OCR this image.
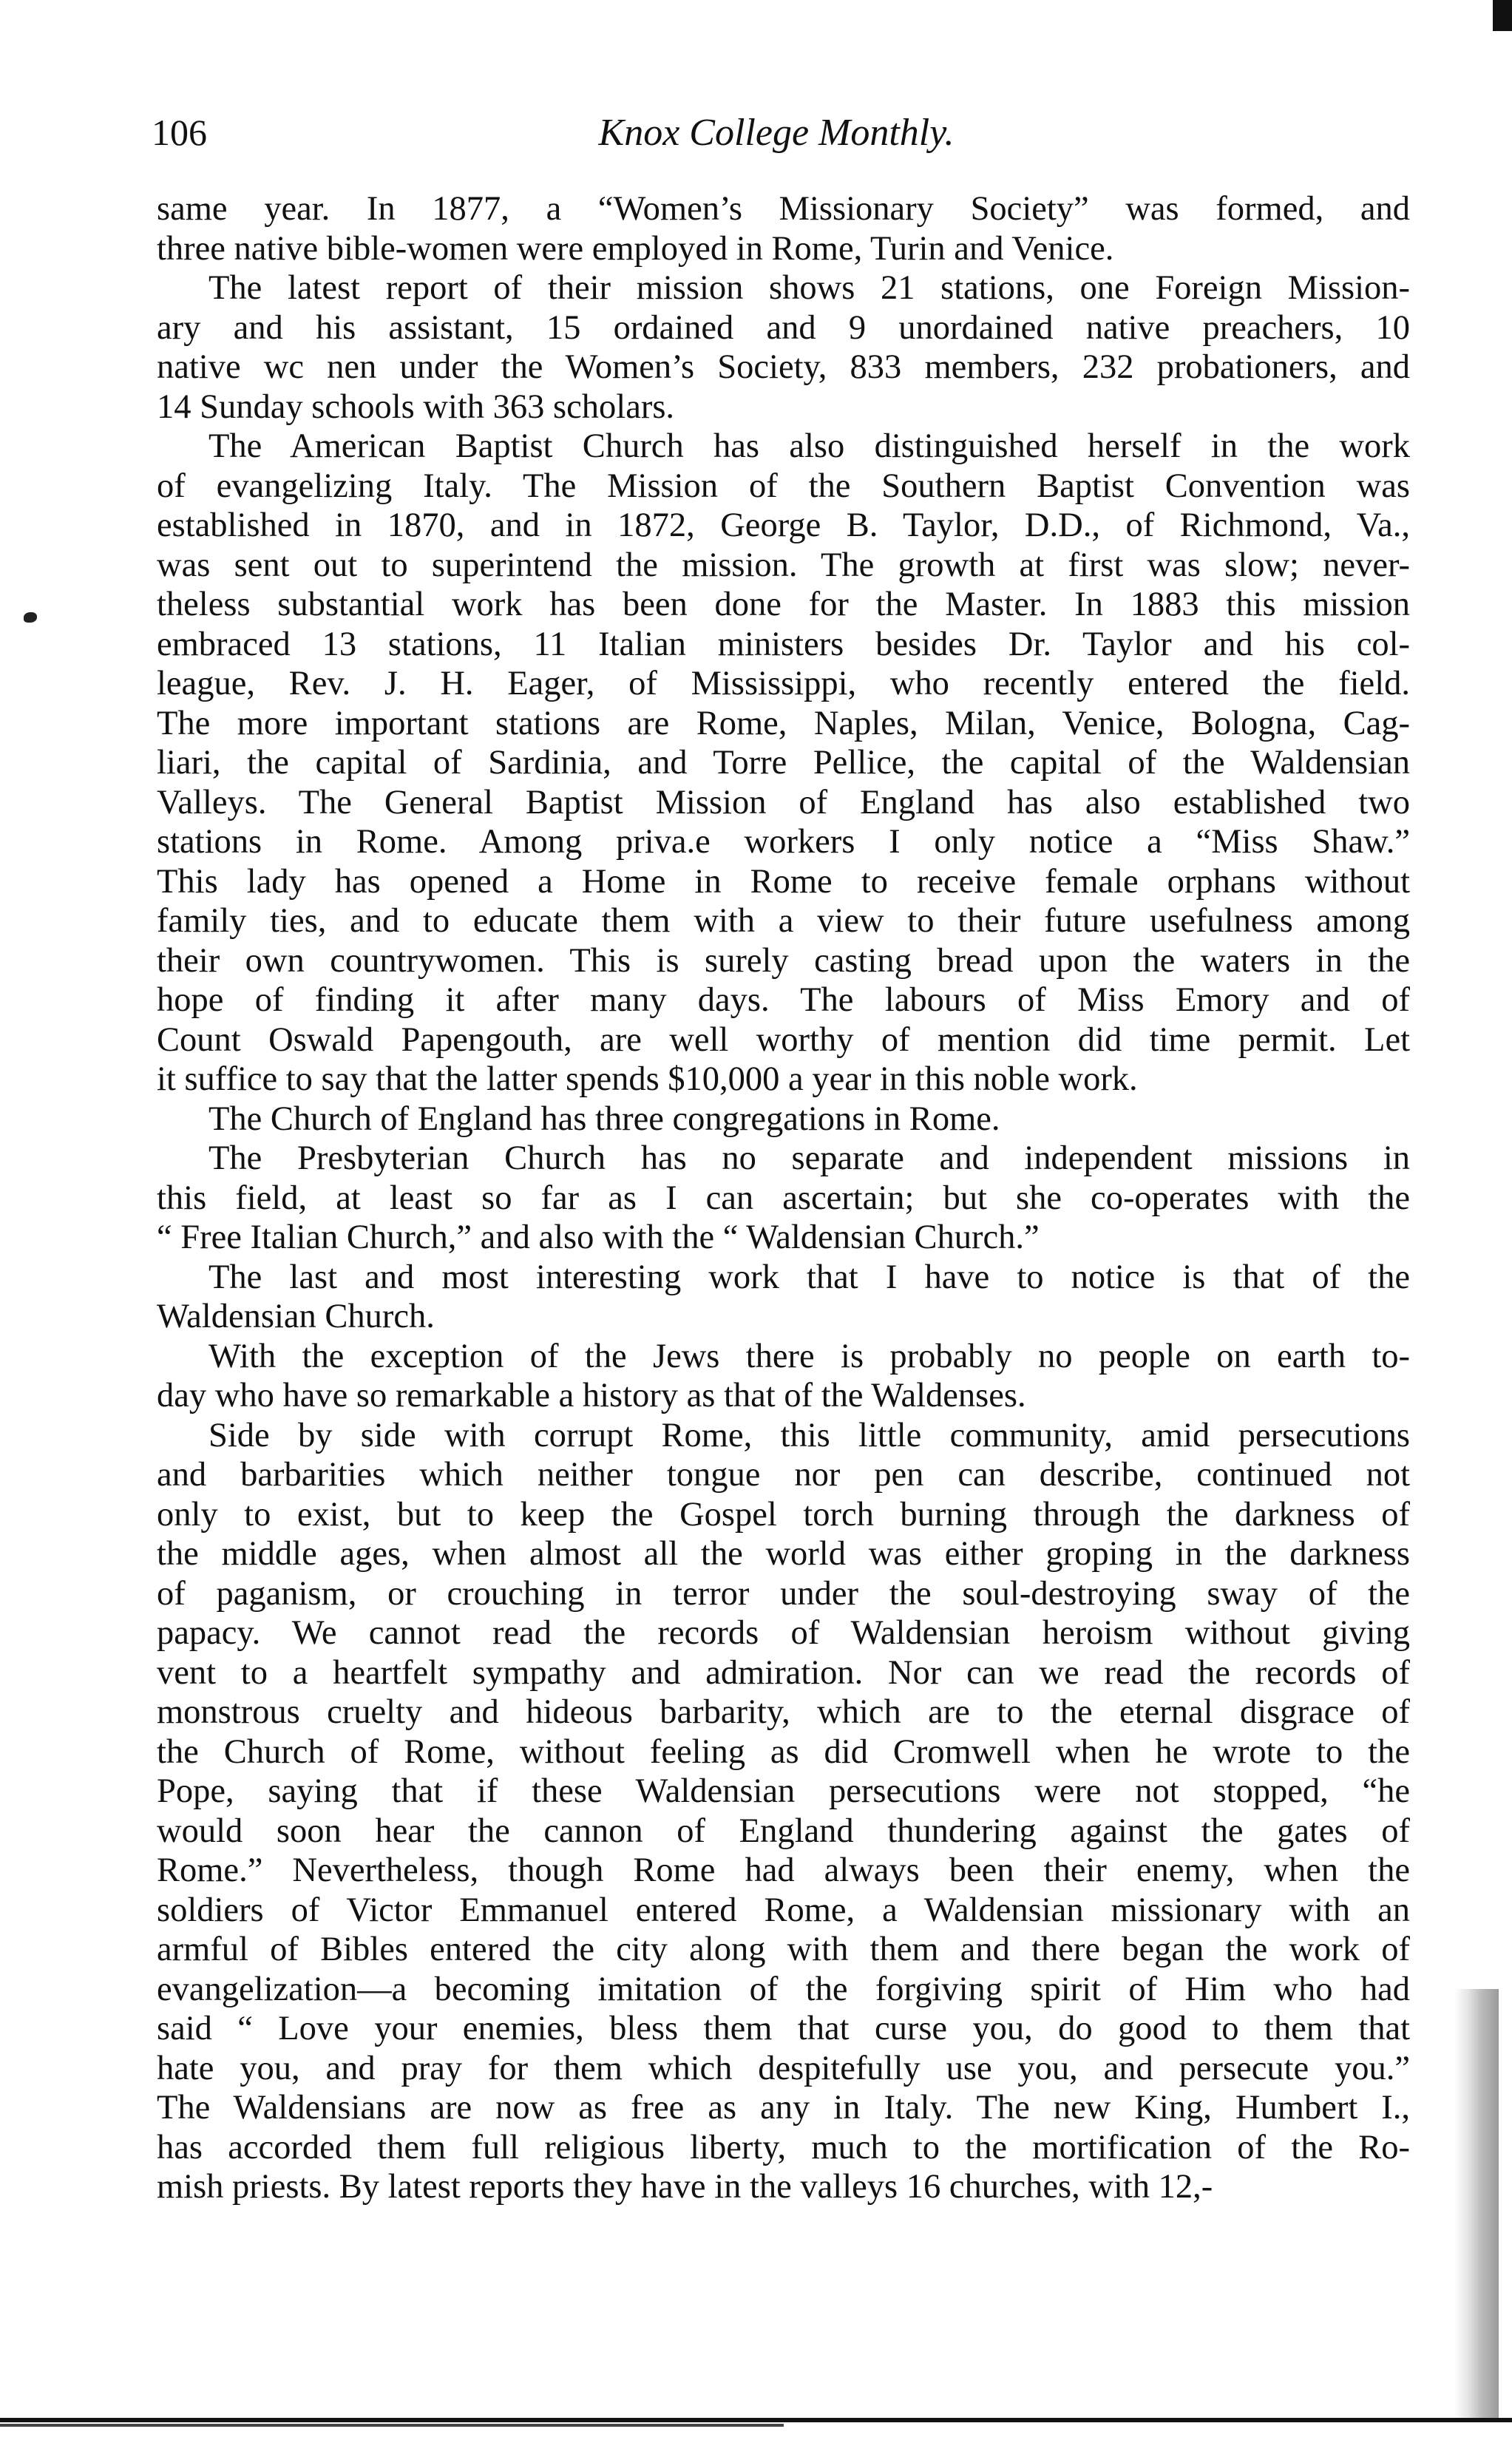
106	Knox College Monthly.

same year. In 1877, a “Women’s Missionary Society” was formed, and

three native bible-women were employed in Rome, Turin and Venice.

The latest report of their mission shows 21 stations, one Foreign Mission-

ary and his assistant, 15 ordained and 9 unordained native preachers, 10

native wc nen under the Women’s Society, 833 members, 232 probationers, and

14 Sunday schools with 363 scholars.

The American Baptist Church has also distinguished herself in the work

of evangelizing Italy. The Mission of the Southern Baptist Convention was

established in 1870, and in 1872, George B. Taylor, D.D., of Richmond, Va.,

was sent out to superintend the mission. The growth at first was slow; never-

theless substantial work has been done for the Master. In 1883 this mission

embraced 13 stations, 11 Italian ministers besides Dr. Taylor and his col-

league, Rev. J. H. Eager, of Mississippi, who recently entered the field.

The more important stations are Rome, Naples, Milan, Venice, Bologna, Cag-

liari, the capital of Sardinia, and Torre Pellice, the capital of the Waldensian

Valleys. The General Baptist Mission of England has also established two

stations in Rome. Among priva.e workers I only notice a “Miss Shaw.”

This lady has opened a Home in Rome to receive female orphans without

family ties, and to educate them with a view to their future usefulness among

their own countrywomen. This is surely casting bread upon the waters in the

hope of finding it after many days. The labours of Miss Emory and of

Count Oswald Papengouth, are well worthy of mention did time permit. Let

it suffice to say that the latter spends $10,000 a year in this noble work.

The Church of England has three congregations in Rome.

The Presbyterian Church has no separate and independent missions in

this field, at least so far as I can ascertain; but she co-operates with the

“ Free Italian Church,” and also with the “ Waldensian Church.”

The last and most interesting work that I have to notice is that of the

Waldensian Church.

With the exception of the Jews there is probably no people on earth to-

day who have so remarkable a history as that of the Waldenses.

Side by side with corrupt Rome, this little community, amid persecutions

and barbarities which neither tongue nor pen can describe, continued not

only to exist, but to keep the Gospel torch burning through the darkness of

the middle ages, when almost all the world was either groping in the darkness

of paganism, or crouching in terror under the soul-destroying sway of the

papacy. We cannot read the records of Waldensian heroism without giving

vent to a heartfelt sympathy and admiration. Nor can we read the records of

monstrous cruelty and hideous barbarity, which are to the eternal disgrace of

the Church of Rome, without feeling as did Cromwell when he wrote to the

Pope, saying that if these Waldensian persecutions were not stopped, “he

would soon hear the cannon of England thundering against the gates of

Rome.” Nevertheless, though Rome had always been their enemy, when the

soldiers of Victor Emmanuel entered Rome, a Waldensian missionary with an

armful of Bibles entered the city along with them and there began the work of

evangelization—a becoming imitation of the forgiving spirit of Him who had

said “ Love your enemies, bless them that curse you, do good to them that

hate you, and pray for them which despitefully use you, and persecute you.”

The Waldensians are now as free as any in Italy. The new King, Humbert I.,

has accorded them full religious liberty, much to the mortification of the Ro-

mish priests. By latest reports they have in the valleys 16 churches, with 12,-
